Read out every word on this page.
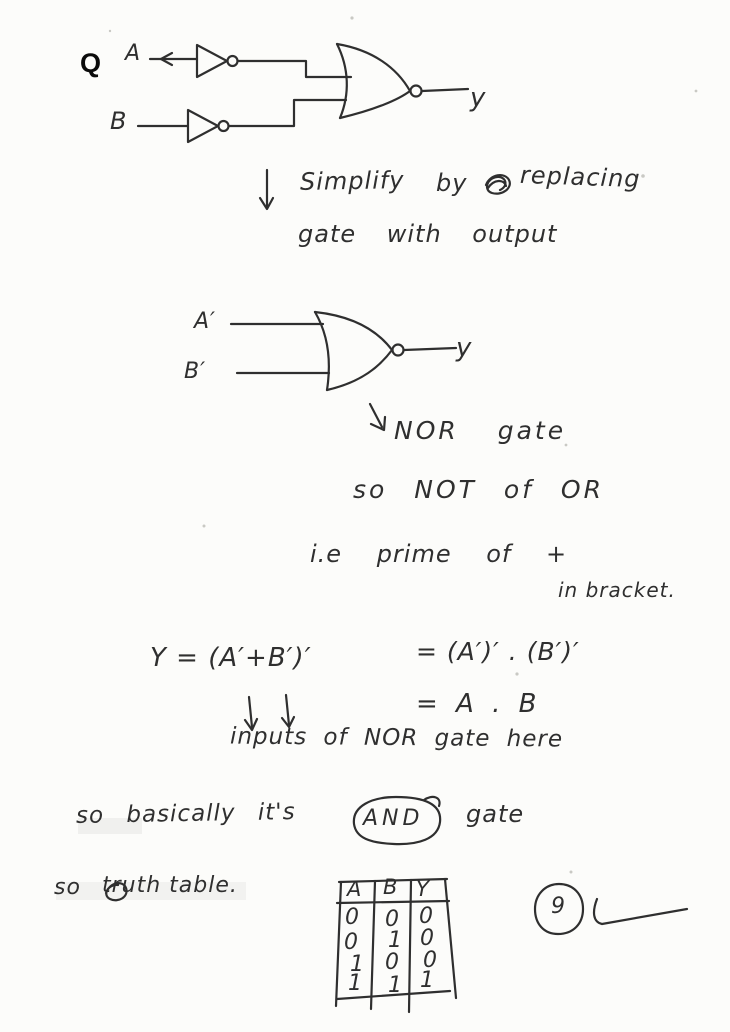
Q A
B
y
Simplify by replacing
gate with output
A′
B′
y
NOR gate
so NOT of OR
i.e prime of +
in bracket.
Y = (A′+B′)′	= (A′)′ . (B′)′
= A . B
inputs of NOR gate here
so basically it's	AND gate
so truth table.	A B Y
0 0 0
0 1 0
1 0 0
1 1 1
9
